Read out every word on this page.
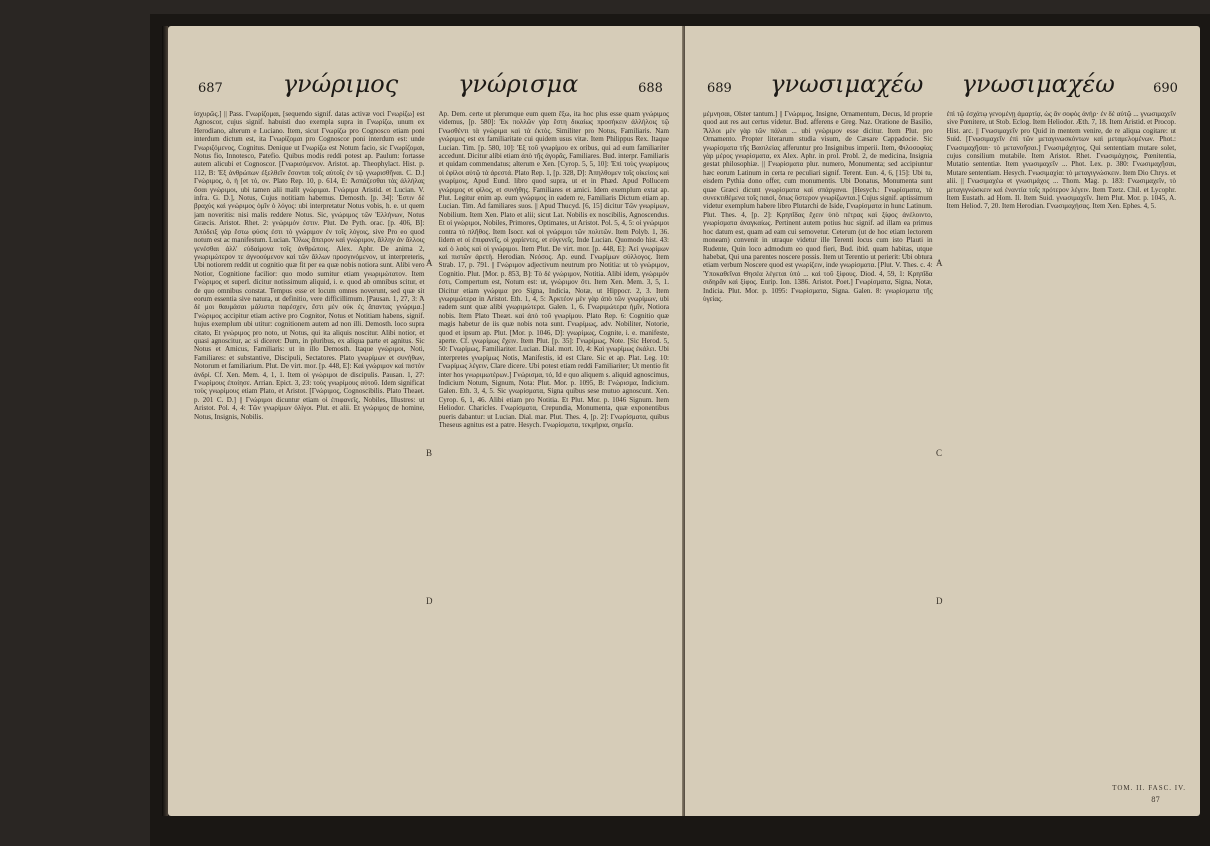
687 γνώριμος γνώρισμα	688

ίσχυρῶς.] || Pass. Γνωρίζομαι, [sequendo signif. datas activæ voci Γνωρίζω] est Agnoscor, cujus signif. habuisti duo exempla supra in Γνωρίζω, unum ex Herodiano, alterum e Luciano. Item, sicut Γνωρίζω pro Cognosco etiam poni interdum dictum est, ita Γνωρίζομαι pro Cognoscor poni interdum est: unde Γνωριζόμενος, Cognitus. Denique ut Γνωρίζω est Notum facio, sic Γνωρίζομαι, Notus fio, Innotesco, Patefio. Quibus modis reddi potest ap. Paulum: fortasse autem alicubi et Cognoscor. [Γνωρισόμενον. Aristot. ap. Theophylact. Hist. p. 112, B: Ἐξ ἀνθρώπων ἐξελθεῖν ἔσονται τοῖς αὐτοῖς ἐν τῷ γνωρισθῆναι. C. D.] Γνώριμος, ὁ, ἡ [et τό, ον. Plato Rep. 10, p. 614, E: Ἀσπάζεσθαι τὰς ἀλλήλας ὅσαι γνώριμοι, ubi tamen alii malit γνώριμαι. Γνώριμα Aristid. et Lucian. V. infra. G. D.], Notus, Cujus notitiam habemus. Demosth. [p. 34]: Ἐστιν δὲ βραχὺς καὶ γνώριμος ὁμῖν ὁ λόγος: ubi interpretatur Notus vobis, h. e. ut quem jam noveritis: nisi malis reddere Notus. Sic, γνώριμος τῶν Ἑλλήνων, Notus Græcis. Aristot. Rhet. 2: γνώριμόν ἐστιν. Plut. De Pyth. orac. [p. 406, B]: Ἀπόδειξ γὰρ ἔστω φύσις ἐστι τὸ γνώριμον ἐν τοῖς λόγοις, sive Pro eo quod notum est ac manifestum. Lucian. Ὅλως ἄπειρον καὶ γνώριμον, ἄλλην ἀν ἄλλοις γενέσθαι ἀλλ' εὐδαίμονα τοῖς ἀνθρώποις. Alex. Aphr. De anima 2, γνωριμώτερον τε ἀγνοούμενον καὶ τῶν ἄλλων προσγινόμενον, ut interpreteris, Ubi notiorem reddit ut cognitio quæ fit per ea quæ nobis notiora sunt. Alibi vero Notior, Cognitione facilior: quo modo sumitur etiam γνωριμώτατον. Item Γνώριμος et superl. dicitur notissimum aliquid, i. e. quod ab omnibus scitur, et de quo omnibus constat. Tempus esse et locum omnes noverunt, sed quæ sit eorum essentia sive natura, ut definitio, vere difficillimum. [Pausan. 1, 27, 3: Ἀ δὲ μοι θαυμάσαι μάλιστα παρέσχεν, ἔστι μὲν οὐκ ἐς ἅπαντας γνώριμα.] Γνώριμος accipitur etiam active pro Cognitor, Notus et Notitiam habens, signif. hujus exemplum ubi utitur: cognitionem autem ad non illi. Demosth. loco supra citato, Et γνώριμος pro noto, ut Notus, qui ita aliquis noscitur. Alibi notior, et quasi agnoscitur, ac si diceret: Dum, in pluribus, ex aliqua parte et agnitus. Sic Notus et Amicus, Familiaris: ut in illo Demosth. Itaque γνώριμοι, Noti, Familiares: et substantive, Discipuli, Sectatores. Plato γνωρίμων et συνήθων, Notorum et familiarium. Plut. De virt. mor. [p. 448, E]: Καὶ γνώριμον καὶ πιστὸν ἀνδρί. Cf. Xen. Mem. 4, 1, 1. Item οἱ γνώριμοι de discipulis. Pausan. 1, 27: Γνωρίμους ἐποίησε. Arrian. Epict. 3, 23: τοὺς γνωρίμους αὐτοῦ. Idem significat τοὺς γνωρίμους etiam Plato, et Aristot. [Γνώριμος, Cognoscibilis. Plato Theaet. p. 201 C. D.] || Γνώριμοι dicuntur etiam οἱ ἐπιφανεῖς, Nobiles, Illustres: ut Aristot. Pol. 4, 4: Τῶν γνωρίμων ὀλίγοι. Plut. et alii. Et γνώριμος de homine, Notus, Insignis, Nobilis.

Ap. Dem. certe ut plerumque eum quem ἔξω, ita hoc plus esse quam γνώριμος videmus, [p. 580]: Ἐκ πολλῶν γὰρ ἔστη δικαίως προσήκειν ἀλλήλοις τῷ Γνωσθέντι τὰ γνώριμα καὶ τὰ ἐκτὸς. Similiter pro Notus, Familiaris. Nam γνώριμος est ex familiaritate cui quidem usus vitæ. Item Philippus Rex. Itaque Lucian. Tim. [p. 580, 10]: Ἐξ τοῦ γνωρίμου ex oribus, qui ad eum familiariter accedunt. Dicitur alibi etiam ἀπὸ τῆς ἀγορᾶς, Familiares. Bud. interpr. Familiaris et quidam commendatus; alterum e Xen. [Cyrop. 5, 5, 10]: Ἐπὶ τοὺς γνωρίμους οἱ ἐφίλοι αὐτῷ τὰ ἀρεστά. Plato Rep. 1, [p. 328, D]: Ἀπηλθομεν τοῖς οἰκείοις καὶ γνωρίμοις, Apud Eund. libro quod supra, ut et in Phæd. Apud Pollucem γνώριμος et φίλος, et συνήθης. Familiares et amici. Idem exemplum extat ap. Plut. Legitur enim ap. eum γνώριμος in eadem re, Familiaris Dictum etiam ap. Lucian. Tim. Ad familiares suos. || Apud Thucyd. [6, 15] dicitur Τῶν γνωρίμων, Nobilium. Item Xen. Plato et alii; sicut Lat. Nobilis ex noscibilis, Agnoscendus. Et οἱ γνώριμοι, Nobiles, Primores, Optimates, ut Aristot. Pol. 5, 4, 5: οἱ γνώριμοι contra τὸ πλῆθος. Item Isocr. καὶ οἱ γνώριμοι τῶν πολιτῶν. Item Polyb. 1, 36. Iidem et οἱ ἐπιφανεῖς, οἱ χαρίεντες, et εὐγενεῖς. Inde Lucian. Quomodo hist. 43: καὶ ὁ λαὸς καὶ οἱ γνώριμοι. Item Plut. De virt. mor. [p. 448, E]: Ἀεὶ γνωρίμων καὶ πιστῶν ἀρετὴ. Herodian. Νεόσος. Ap. eund. Γνωρίμων σύλλογος. Item Strab. 17, p. 791. || Γνώριμον adjectivum neutrum pro Notitia: ut τὸ γνώριμον, Cognitio. Plut. [Mor. p. 853, B]: Τὸ δὲ γνώριμον, Notitia. Alibi idem, γνώριμόν ἐστι, Compertum est, Notum est: ut, γνώριμον ὅτι. Item Xen. Mem. 3, 5, 1. Dicitur etiam γνώριμα pro Signa, Indicia, Notæ, ut Hippocr. 2, 3. Item γνωριμώτερα in Aristot. Eth. 1, 4, 5: Ἀρκτέον μὲν γὰρ ἀπὸ τῶν γνωρίμων, ubi eadem sunt quæ alibi γνωριμώτερα. Galen. 1, 6. Γνωριμώτερα ἡμῖν, Notiora nobis. Item Plato Theæt. καὶ ἀπὸ τοῦ γνωρίμου. Plato Rep. 6: Cognitio quæ magis habetur de iis quæ nobis nota sunt. Γνωρίμως, adv. Nobiliter, Notorie, quod et ipsum ap. Plut. [Mor. p. 1046, D]: γνωρίμως, Cognite, i. e. manifeste, aperte. Cf. γνωρίμως ἔχειν. Item Plut. [p. 35]: Γνωρίμως, Note. [Sic Herod. 5, 50: Γνωρίμως, Familiariter. Lucian. Dial. mort. 10, 4: Καὶ γνωρίμως ἐκάλει. Ubi interpretes γνωρίμως Notis, Manifestis, id est Clare. Sic et ap. Plat. Leg. 10: Γνωρίμως λέγειν, Clare dicere. Ubi potest etiam reddi Familiariter; Ut mentio fit inter hos γνωριμωτέρων.] Γνώρισμα, τό, Id e quo aliquem s. aliquid agnoscimus, Indicium Notum, Signum, Nota: Plut. Mor. p. 1095, B: Γνώρισμα, Indicium. Galen. Eth. 3, 4, 5. Sic γνωρίσματα, Signa quibus sese mutuo agnoscunt. Xen. Cyrop. 6, 1, 46. Alibi etiam pro Notitia. Et Plut. Mor. p. 1046 Signum. Item Heliodor. Charicles. Γνωρίσματα, Crepundia, Monumenta, quæ exponentibus pueris dabantur: ut Lucian. Dial. mar. Plut. Thes. 4, [p. 2]: Γνωρίσματα, quibus Theseus agnitus est a patre. Hesych. Γνωρίσματα, τεκμήρια, σημεῖα.

B
A
D
689 γνωσιμαχέω γνωσιμαχέω	690

μέμνησαι, Olster tantum.] || Γνώριμος, Insigne, Ornamentum, Decus, Id proprie quod aut res aut certus videtur. Bud. afferens e Greg. Naz. Oratione de Basilio, Ἄλλοι μὲν γὰρ τῶν πάλαι ... ubi γνώριμον esse dicitur. Item Plut. pro Ornamento. Propter literarum studia visum, de Cæsare Cappadocie. Sic γνωρίσματα τῆς Βασιλείας afferuntur pro Insignibus imperii. Item, Φιλοσοφίας γὰρ μέρος γνωρίσματα, ex Alex. Aphr. in prol. Probl. 2, de medicina, Insignia gestat philosophiæ. || Γνωρίσματα plur. numero, Monumenta; sed accipiuntur hæc eorum Latinum in certa re peculiari signif. Terent. Eun. 4, 6, [15]: Ubi tu, eisdem Pythia dono offer, cum monumentis. Ubi Donatus, Monumenta sunt quae Græci dicunt γνωρίσματα καὶ σπάργανα. [Hesych.: Γνωρίσματα, τὰ συνεκτιθέμενα τοῖς παισὶ, ὅπως ὕστερον γνωρίζωνται.] Cujus signif. aptissimum videtur exemplum habere libro Plutarchi de Iside, Γνωρίσματα in hunc Latinum. Plut. Thes. 4, [p. 2]: Κρηπῖδας ἔχειν ὑπὸ πέτρας καὶ ξίφος ἀνέλοιντο, γνωρίσματα ἀναγκαίως. Pertinent autem potius huc signif. ad illam ea primus hoc datum est, quam ad eam cui semovetur. Ceterum (ut de hoc etiam lectorem moneam) convenit in utraque videtur ille Terenti locus cum isto Plauti in Rudente, Quin loco admodum eo quod fieri, Bud. ibid. quam habitas, utque habebat, Qui una parentes noscere possis. Item ut Terentio ut perierit: Ubi obtura etiam verbum Noscere quod est γνωρίζειν, inde γνωρίσματα. [Plut. V. Thes. c. 4: Ὑποκαθεῖναι Θησέα λέγεται ὑπὸ ... καὶ τοῦ ξίφους. Diod. 4, 59, 1: Κρηπῖδα σιδηρᾶν καὶ ξίφος. Eurip. Ion. 1386. Aristot. Poet.] Γνωρίσματα, Signa, Notæ, Indicia. Plut. Mor. p. 1095: Γνωρίσματα, Signa. Galen. 8: γνωρίσματα τῆς ὑγείας.

ἐπὶ τῷ ἐσχάτῳ γενομένῃ ἀμαρτίᾳ, ὡς ἂν σοφὸς ἀνήρ· ἐν δὲ αὐτῷ ... γνωσιμαχεῖν sive Pœnitere, ut Stob. Eclog. Item Heliodor. Æth. 7, 18. Item Aristid. et Procop. Hist. arc. || Γνωσιμαχεῖν pro Quid in mentem venire, de re aliqua cogitare: ut Suid. [Γνωσιμαχεῖν ἐπὶ τῶν μεταγινωσκόντων καὶ μεταμελομένων. Phot.: Γνωσιμαχῆσαι· τὸ μετανοῆσαι.] Γνωσιμάχητος, Qui sententiam mutare solet, cujus consilium mutabile. Item Aristot. Rhet. Γνωσιμάχησις, Pœnitentia, Mutatio sententiæ. Item γνωσιμαχεῖν ... Phot. Lex. p. 380: Γνωσιμαχῆσαι, Mutare sententiam. Hesych. Γνωσιμαχία: τὸ μεταγιγνώσκειν. Item Dio Chrys. et alii. || Γνωσιμαχέω et γνωσιμάχος ... Thom. Mag. p. 183: Γνωσιμαχεῖν, τὸ μεταγιγνώσκειν καὶ ἐναντία τοῖς πρότερον λέγειν. Item Tzetz. Chil. et Lycophr. Item Eustath. ad Hom. Il. Item Suid. γνωσιμαχεῖν. Item Plut. Mor. p. 1045, A. Item Heliod. 7, 20. Item Herodian. Γνωσιμαχήσας. Item Xen. Ephes. 4, 5.

A
C
D
TOM. II. FASC. IV.
87
